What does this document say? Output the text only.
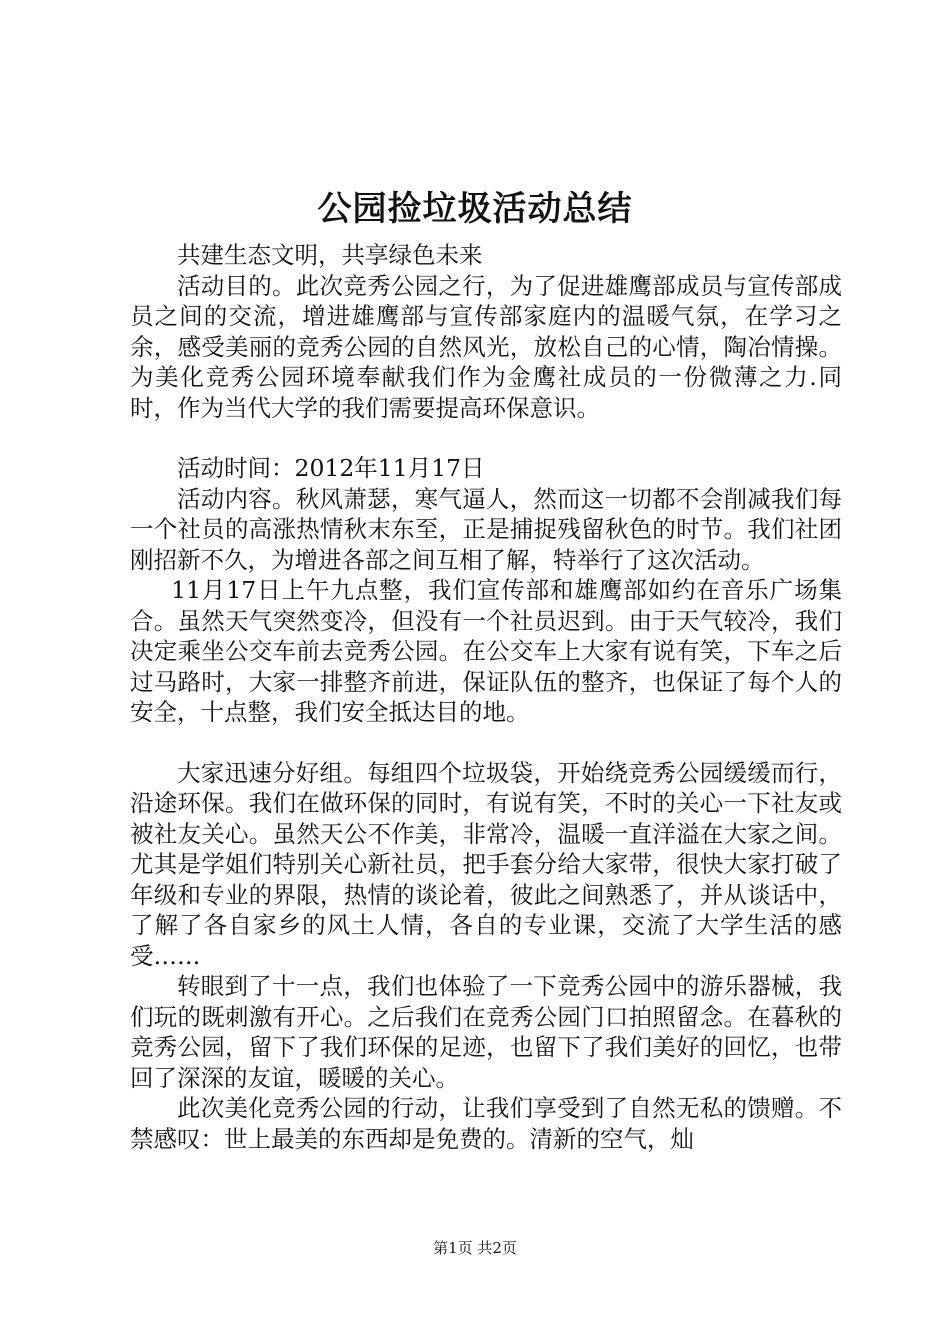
公园捡垃圾活动总结

共建生态文明，共享绿色未来

活动目的。此次竞秀公园之行，为了促进雄鹰部成员与宣传部成员之间的交流，增进雄鹰部与宣传部家庭内的温暖气氛，在学习之余，感受美丽的竞秀公园的自然风光，放松自己的心情，陶冶情操。为美化竞秀公园环境奉献我们作为金鹰社成员的一份微薄之力.同时，作为当代大学的我们需要提高环保意识。

活动时间：2012年11月17日

活动内容。秋风萧瑟，寒气逼人，然而这一切都不会削减我们每一个社员的高涨热情秋末东至，正是捕捉残留秋色的时节。我们社团刚招新不久，为增进各部之间互相了解，特举行了这次活动。

11月17日上午九点整，我们宣传部和雄鹰部如约在音乐广场集合。虽然天气突然变冷，但没有一个社员迟到。由于天气较冷，我们决定乘坐公交车前去竞秀公园。在公交车上大家有说有笑，下车之后过马路时，大家一排整齐前进，保证队伍的整齐，也保证了每个人的安全，十点整，我们安全抵达目的地。

大家迅速分好组。每组四个垃圾袋，开始绕竞秀公园缓缓而行，沿途环保。我们在做环保的同时，有说有笑，不时的关心一下社友或被社友关心。虽然天公不作美，非常冷，温暖一直洋溢在大家之间。尤其是学姐们特别关心新社员，把手套分给大家带，很快大家打破了年级和专业的界限，热情的谈论着，彼此之间熟悉了，并从谈话中，了解了各自家乡的风土人情，各自的专业课，交流了大学生活的感受……

转眼到了十一点，我们也体验了一下竞秀公园中的游乐器械，我们玩的既刺激有开心。之后我们在竞秀公园门口拍照留念。在暮秋的竞秀公园，留下了我们环保的足迹，也留下了我们美好的回忆，也带回了深深的友谊，暖暖的关心。

此次美化竞秀公园的行动，让我们享受到了自然无私的馈赠。不禁感叹：世上最美的东西却是免费的。清新的空气，灿

第1页 共2页
